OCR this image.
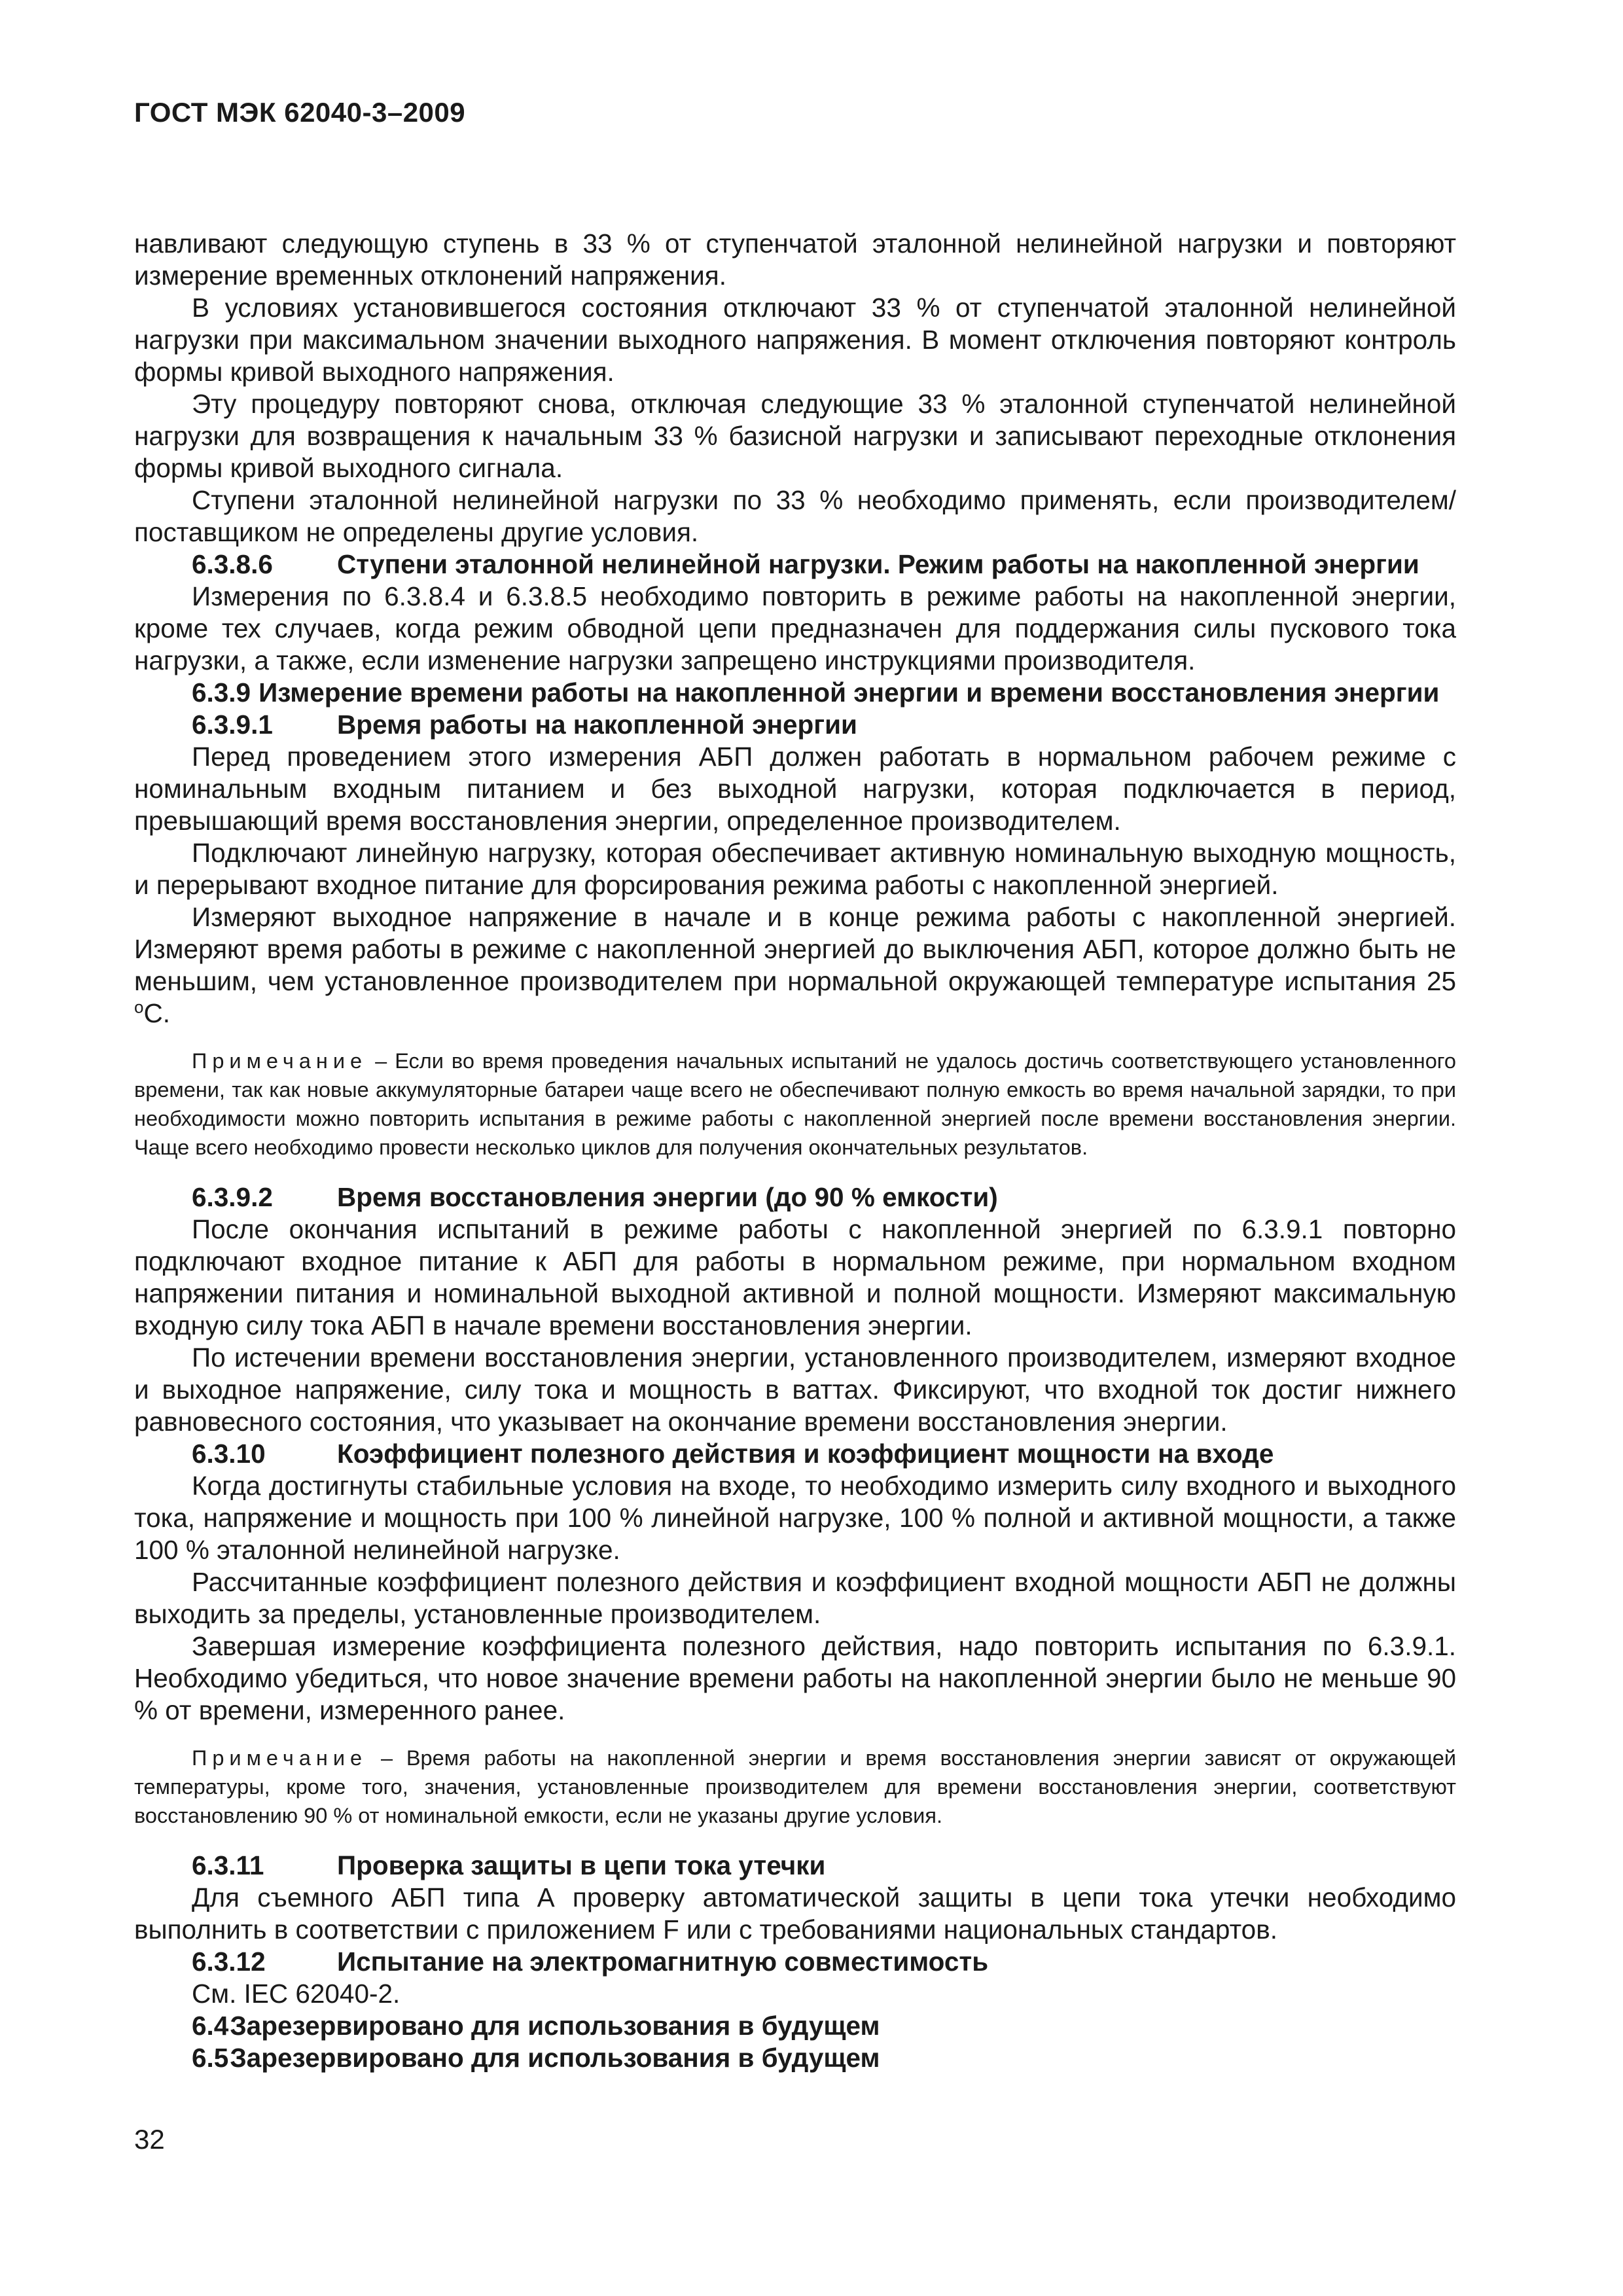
ГОСТ МЭК 62040-3–2009

навливают следующую ступень в 33 % от ступенчатой эталонной нелинейной нагрузки и повторяют измерение временных отклонений напряжения.

В условиях установившегося состояния отключают 33 % от ступенчатой эталонной нелинейной нагрузки при максимальном значении выходного напряжения. В момент отключения повторяют контроль формы кривой выходного напряжения.

Эту процедуру повторяют снова, отключая следующие 33 % эталонной ступенчатой нелинейной нагрузки для возвращения к начальным 33 % базисной нагрузки и записывают переходные отклонения формы кривой выходного сигнала.

Ступени эталонной нелинейной нагрузки по 33 % необходимо применять, если производителем/поставщиком не определены другие условия.

6.3.8.6 Ступени эталонной нелинейной нагрузки. Режим работы на накопленной энергии

Измерения по 6.3.8.4 и 6.3.8.5 необходимо повторить в режиме работы на накопленной энергии, кроме тех случаев, когда режим обводной цепи предназначен для поддержания силы пускового тока нагрузки, а также, если изменение нагрузки запрещено инструкциями производителя.

6.3.9 Измерение времени работы на накопленной энергии и времени восстановления энергии

6.3.9.1 Время работы на накопленной энергии

Перед проведением этого измерения АБП должен работать в нормальном рабочем режиме с номинальным входным питанием и без выходной нагрузки, которая подключается в период, превышающий время восстановления энергии, определенное производителем.

Подключают линейную нагрузку, которая обеспечивает активную номинальную выходную мощность, и перерывают входное питание для форсирования режима работы с накопленной энергией.

Измеряют выходное напряжение в начале и в конце режима работы с накопленной энергией. Измеряют время работы в режиме с накопленной энергией до выключения АБП, которое должно быть не меньшим, чем установленное производителем при нормальной окружающей температуре испытания 25 $^o$С.

Примечание – Если во время проведения начальных испытаний не удалось достичь соответствующего установленного времени, так как новые аккумуляторные батареи чаще всего не обеспечивают полную емкость во время начальной зарядки, то при необходимости можно повторить испытания в режиме работы с накопленной энергией после времени восстановления энергии. Чаще всего необходимо провести несколько циклов для получения окончательных результатов.

6.3.9.2 Время восстановления энергии (до 90 % емкости)

После окончания испытаний в режиме работы с накопленной энергией по 6.3.9.1 повторно подключают входное питание к АБП для работы в нормальном режиме, при нормальном входном напряжении питания и номинальной выходной активной и полной мощности. Измеряют максимальную входную силу тока АБП в начале времени восстановления энергии.

По истечении времени восстановления энергии, установленного производителем, измеряют входное и выходное напряжение, силу тока и мощность в ваттах. Фиксируют, что входной ток достиг нижнего равновесного состояния, что указывает на окончание времени восстановления энергии.

6.3.10	Коэффициент полезного действия и коэффициент мощности на входе

Когда достигнуты стабильные условия на входе, то необходимо измерить силу входного и выходного тока, напряжение и мощность при 100 % линейной нагрузке, 100 % полной и активной мощности, а также 100 % эталонной нелинейной нагрузке.

Рассчитанные коэффициент полезного действия и коэффициент входной мощности АБП не должны выходить за пределы, установленные производителем.

Завершая измерение коэффициента полезного действия, надо повторить испытания по 6.3.9.1. Необходимо убедиться, что новое значение времени работы на накопленной энергии было не меньше 90 % от времени, измеренного ранее.

Примечание – Время работы на накопленной энергии и время восстановления энергии зависят от окружающей температуры, кроме того, значения, установленные производителем для времени восстановления энергии, соответствуют восстановлению 90 % от номинальной емкости, если не указаны другие условия.

6.3.11	Проверка защиты в цепи тока утечки

Для съемного АБП типа А проверку автоматической защиты в цепи тока утечки необходимо выполнить в соответствии с приложением F или с требованиями национальных стандартов.

6.3.12	Испытание на электромагнитную совместимость

См. IEC 62040-2.

6.4Зарезервировано для использования в будущем

6.5Зарезервировано для использования в будущем

32
